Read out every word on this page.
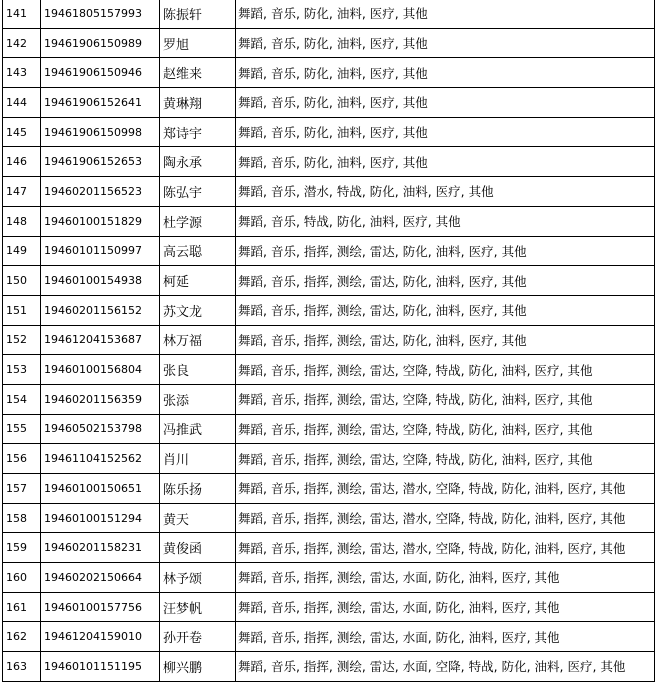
141	19461805157993	陈振轩	舞蹈, 音乐, 防化, 油料, 医疗, 其他
142	19461906150989	罗旭	舞蹈, 音乐, 防化, 油料, 医疗, 其他
143	19461906150946	赵维来	舞蹈, 音乐, 防化, 油料, 医疗, 其他
144	19461906152641	黄琳翔	舞蹈, 音乐, 防化, 油料, 医疗, 其他
145	19461906150998	郑诗宇	舞蹈, 音乐, 防化, 油料, 医疗, 其他
146	19461906152653	陶永承	舞蹈, 音乐, 防化, 油料, 医疗, 其他
147	19460201156523	陈弘宇	舞蹈, 音乐, 潜水, 特战, 防化, 油料, 医疗, 其他
148	19460100151829	杜学源	舞蹈, 音乐, 特战, 防化, 油料, 医疗, 其他
149	19460101150997	高云聪	舞蹈, 音乐, 指挥, 测绘, 雷达, 防化, 油料, 医疗, 其他
150	19460100154938	柯延	舞蹈, 音乐, 指挥, 测绘, 雷达, 防化, 油料, 医疗, 其他
151	19460201156152	苏文龙	舞蹈, 音乐, 指挥, 测绘, 雷达, 防化, 油料, 医疗, 其他
152	19461204153687	林万福	舞蹈, 音乐, 指挥, 测绘, 雷达, 防化, 油料, 医疗, 其他
153	19460100156804	张良	舞蹈, 音乐, 指挥, 测绘, 雷达, 空降, 特战, 防化, 油料, 医疗, 其他
154	19460201156359	张添	舞蹈, 音乐, 指挥, 测绘, 雷达, 空降, 特战, 防化, 油料, 医疗, 其他
155	19460502153798	冯推武	舞蹈, 音乐, 指挥, 测绘, 雷达, 空降, 特战, 防化, 油料, 医疗, 其他
156	19461104152562	肖川	舞蹈, 音乐, 指挥, 测绘, 雷达, 空降, 特战, 防化, 油料, 医疗, 其他
157	19460100150651	陈乐扬	舞蹈, 音乐, 指挥, 测绘, 雷达, 潜水, 空降, 特战, 防化, 油料, 医疗, 其他
158	19460100151294	黄天	舞蹈, 音乐, 指挥, 测绘, 雷达, 潜水, 空降, 特战, 防化, 油料, 医疗, 其他
159	19460201158231	黄俊函	舞蹈, 音乐, 指挥, 测绘, 雷达, 潜水, 空降, 特战, 防化, 油料, 医疗, 其他
160	19460202150664	林予颂	舞蹈, 音乐, 指挥, 测绘, 雷达, 水面, 防化, 油料, 医疗, 其他
161	19460100157756	汪梦帆	舞蹈, 音乐, 指挥, 测绘, 雷达, 水面, 防化, 油料, 医疗, 其他
162	19461204159010	孙开卷	舞蹈, 音乐, 指挥, 测绘, 雷达, 水面, 防化, 油料, 医疗, 其他
163	19460101151195	柳兴鹏	舞蹈, 音乐, 指挥, 测绘, 雷达, 水面, 空降, 特战, 防化, 油料, 医疗, 其他
